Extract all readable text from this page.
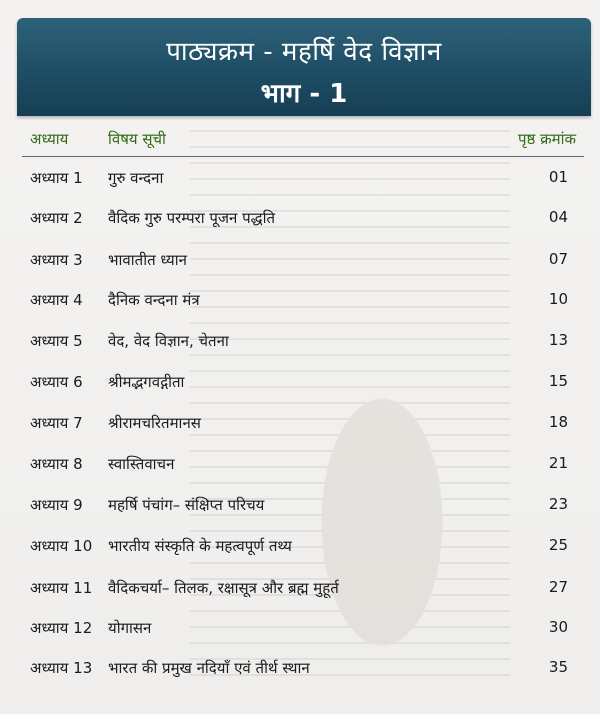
पाठ्यक्रम - महर्षि वेद विज्ञान
भाग - 1
अध्याय	विषय सूची	पृष्ठ क्रमांक
अध्याय 1 गुरु वन्दना	01
अध्याय 2 वैदिक गुरु परम्परा पूजन पद्धति	04
अध्याय 3 भावातीत ध्यान	07
अध्याय 4 दैनिक वन्दना मंत्र	10
अध्याय 5 वेद, वेद विज्ञान, चेतना	13
अध्याय 6 श्रीमद्भगवद्गीता	15
अध्याय 7 श्रीरामचरितमानस	18
अध्याय 8 स्वास्तिवाचन	21
अध्याय 9 महर्षि पंचांग– संक्षिप्त परिचय	23
अध्याय 10 भारतीय संस्कृति के महत्वपूर्ण तथ्य	25
अध्याय 11 वैदिकचर्या– तिलक, रक्षासूत्र और ब्रह्म मुहूर्त	27
अध्याय 12 योगासन	30
अध्याय 13 भारत की प्रमुख नदियाँ एवं तीर्थ स्थान	35
